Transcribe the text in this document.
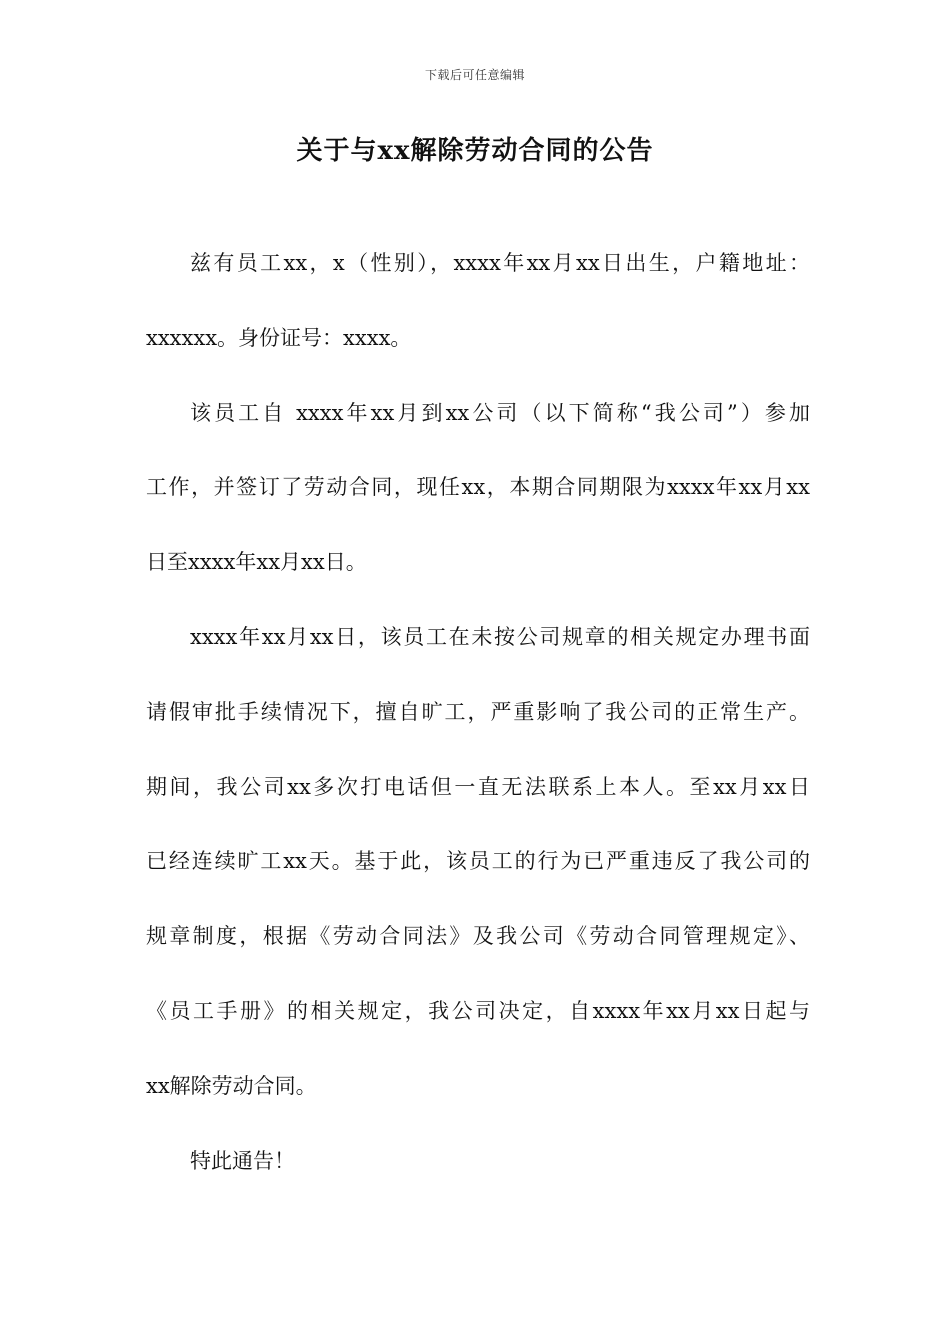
下载后可任意编辑
关于与xx解除劳动合同的公告

兹有员工xx，x（性别），xxxx年xx月xx日出生，户籍地址：
xxxxxx。身份证号：xxxx。

该员工自 xxxx年xx月到xx公司（以下简称“我公司”）参加
工作，并签订了劳动合同，现任xx，本期合同期限为xxxx年xx月xx
日至xxxx年xx月xx日。

xxxx年xx月xx日，该员工在未按公司规章的相关规定办理书面
请假审批手续情况下，擅自旷工，严重影响了我公司的正常生产。
期间，我公司xx多次打电话但一直无法联系上本人。至xx月xx日
已经连续旷工xx天。基于此，该员工的行为已严重违反了我公司的
规章制度，根据《劳动合同法》及我公司《劳动合同管理规定》、
《员工手册》的相关规定，我公司决定，自xxxx年xx月xx日起与
xx解除劳动合同。

特此通告！
